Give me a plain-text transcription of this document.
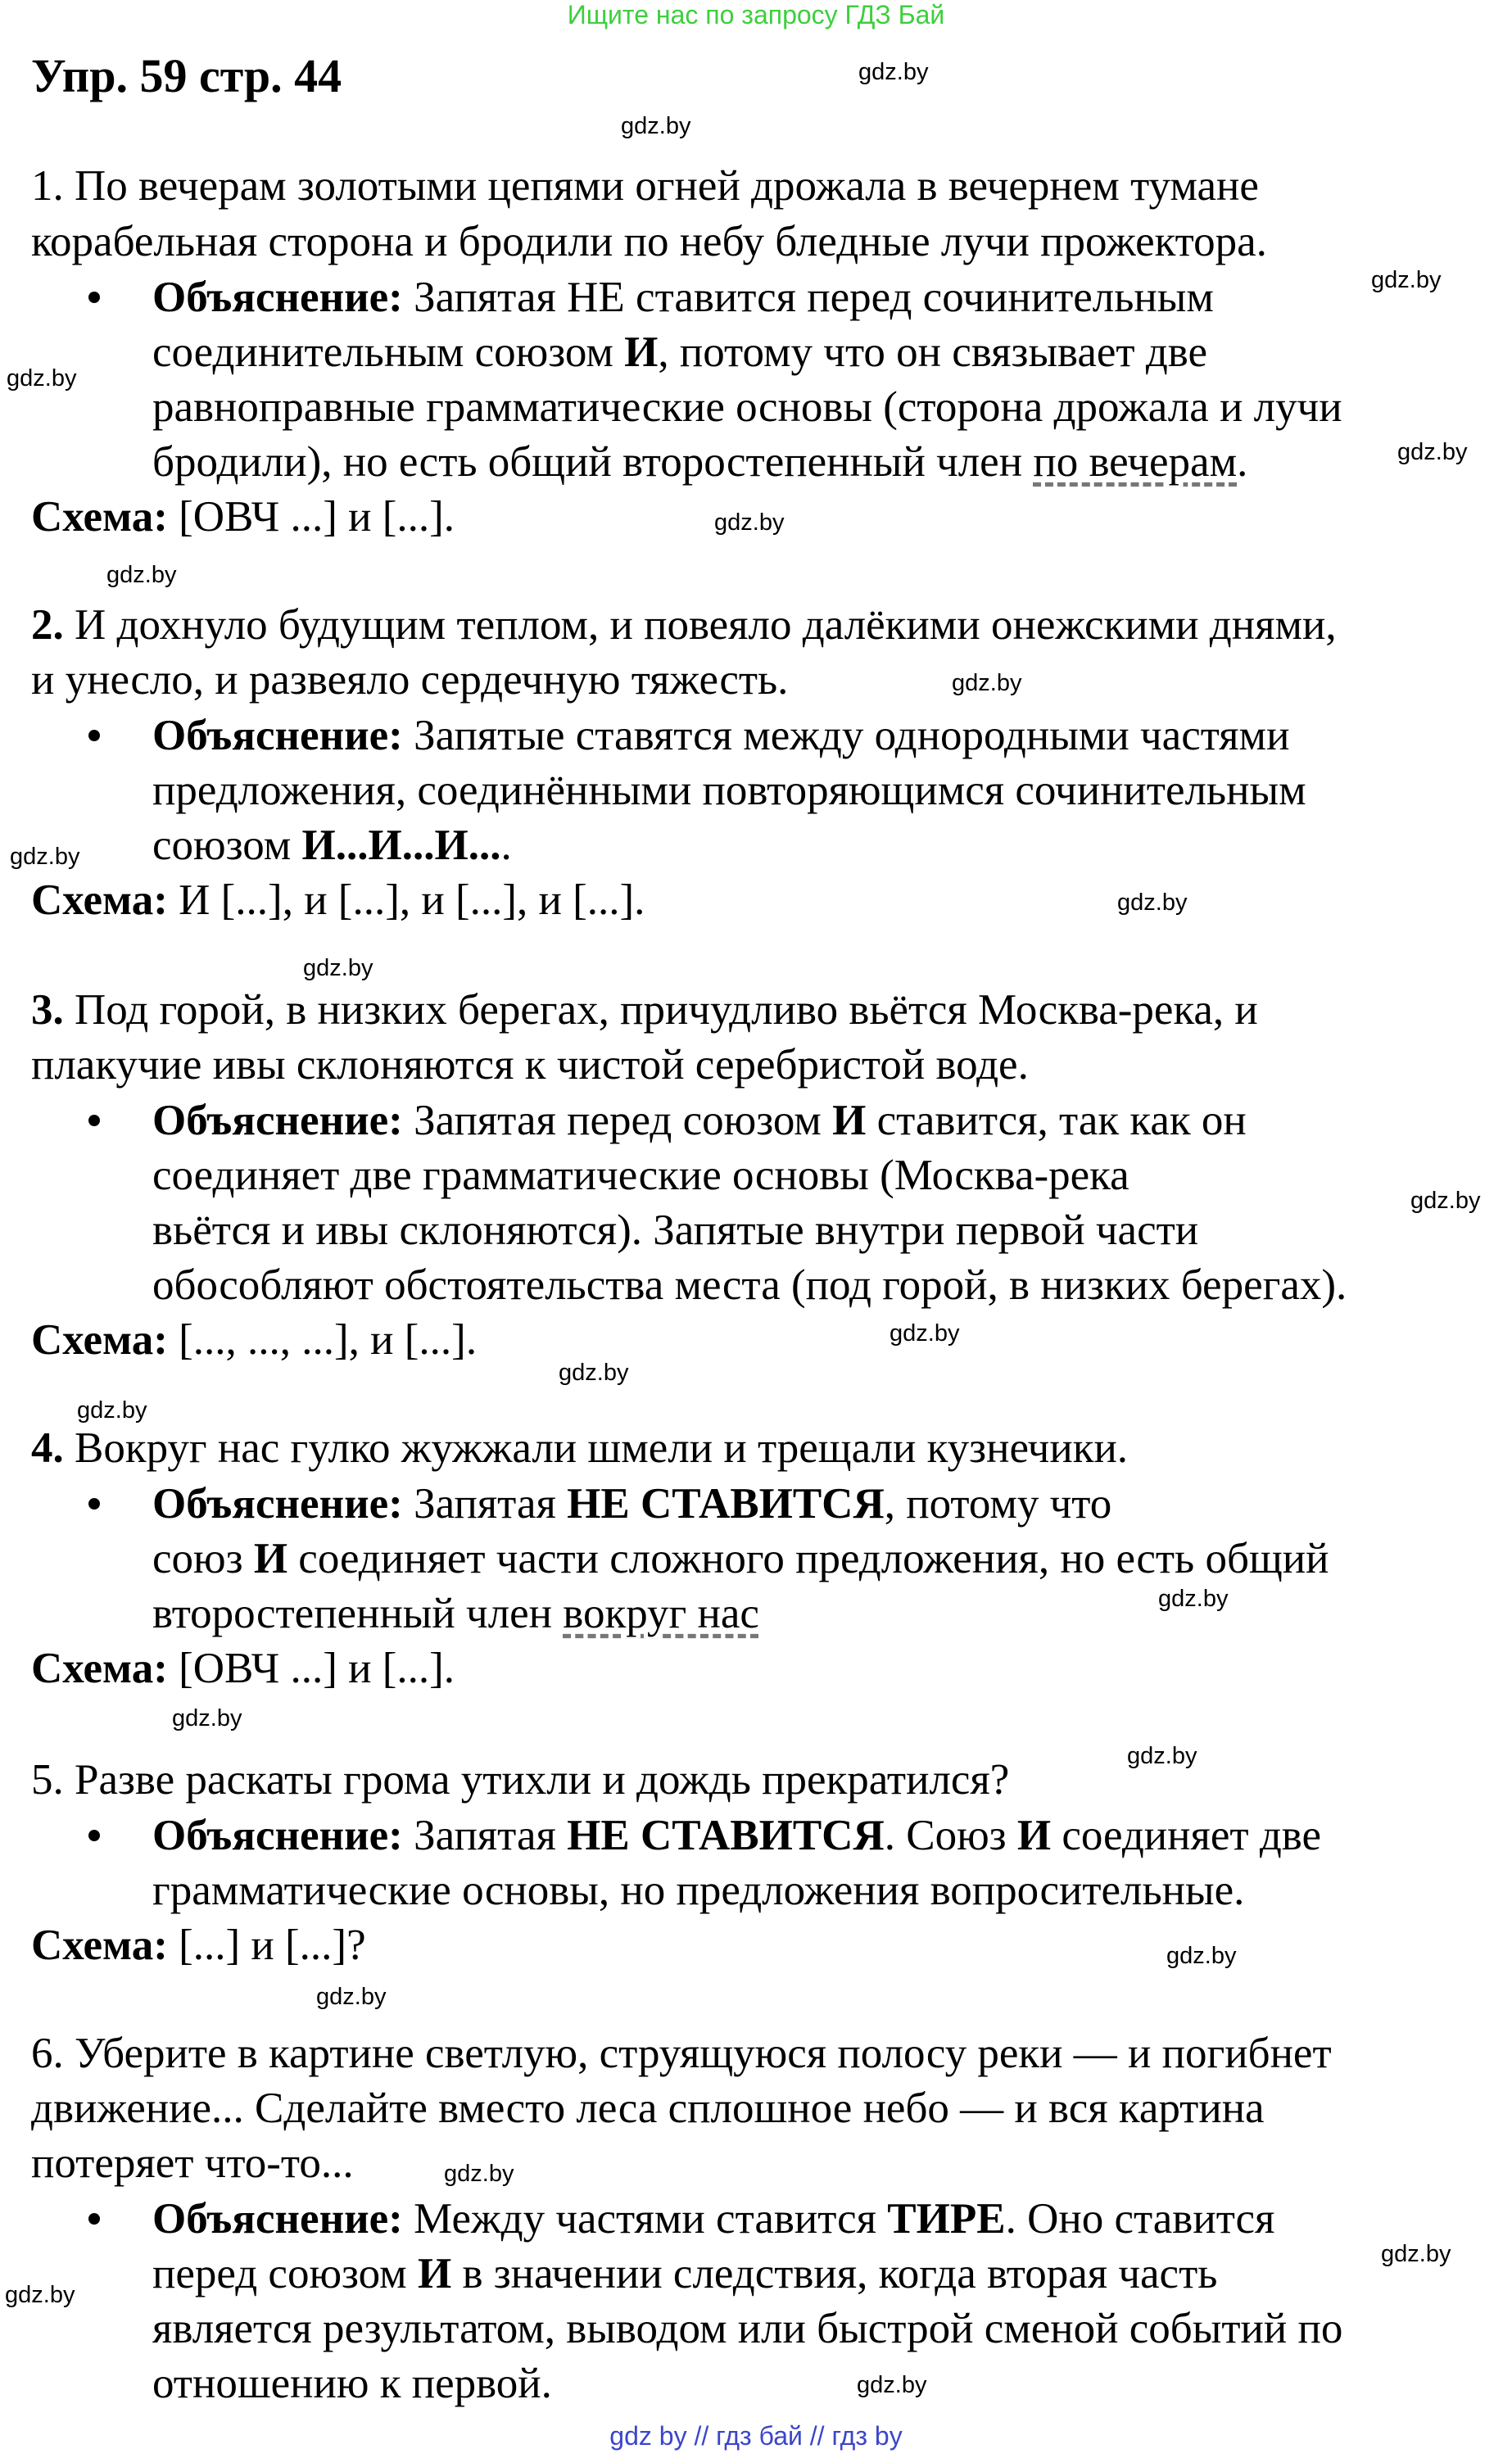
Ищите нас по запросу ГДЗ Бай
Упр. 59 стр. 44	gdz.by
gdz.by
gdz.by
gdz.by
gdz.by
gdz.by
gdz.by
gdz.by
gdz.by
gdz.by
gdz.by
gdz.by
gdz.by
gdz.by
gdz.by
gdz.by
gdz.by
gdz.by
gdz.by
gdz.by
gdz.by
gdz.by
gdz.by
gdz.by
1. По вечерам золотыми цепями огней дрожала в вечернем тумане
корабельная сторона и бродили по небу бледные лучи прожектора.
Объяснение: Запятая НЕ ставится перед сочинительным
соединительным союзом И, потому что он связывает две
равноправные грамматические основы (сторона дрожала и лучи
бродили), но есть общий второстепенный член по вечерам.
Схема: [ОВЧ ...] и [...].
2. И дохнуло будущим теплом, и повеяло далёкими онежскими днями,
и унесло, и развеяло сердечную тяжесть.
Объяснение: Запятые ставятся между однородными частями
предложения, соединёнными повторяющимся сочинительным
союзом И...И...И....
Схема: И [...], и [...], и [...], и [...].
3. Под горой, в низких берегах, причудливо вьётся Москва-река, и
плакучие ивы склоняются к чистой серебристой воде.
Объяснение: Запятая перед союзом И ставится, так как он
соединяет две грамматические основы (Москва-река
вьётся и ивы склоняются). Запятые внутри первой части
обособляют обстоятельства места (под горой, в низких берегах).
Схема: [..., ..., ...], и [...].
4. Вокруг нас гулко жужжали шмели и трещали кузнечики.
Объяснение: Запятая НЕ СТАВИТСЯ, потому что
союз И соединяет части сложного предложения, но есть общий
второстепенный член вокруг нас
Схема: [ОВЧ ...] и [...].
5. Разве раскаты грома утихли и дождь прекратился?
Объяснение: Запятая НЕ СТАВИТСЯ. Союз И соединяет две
грамматические основы, но предложения вопросительные.
Схема: [...] и [...]?
6. Уберите в картине светлую, струящуюся полосу реки — и погибнет
движение... Сделайте вместо леса сплошное небо — и вся картина
потеряет что-то...
Объяснение: Между частями ставится ТИРЕ. Оно ставится
перед союзом И в значении следствия, когда вторая часть
является результатом, выводом или быстрой сменой событий по
отношению к первой.
gdz by // гдз бай // гдз by
